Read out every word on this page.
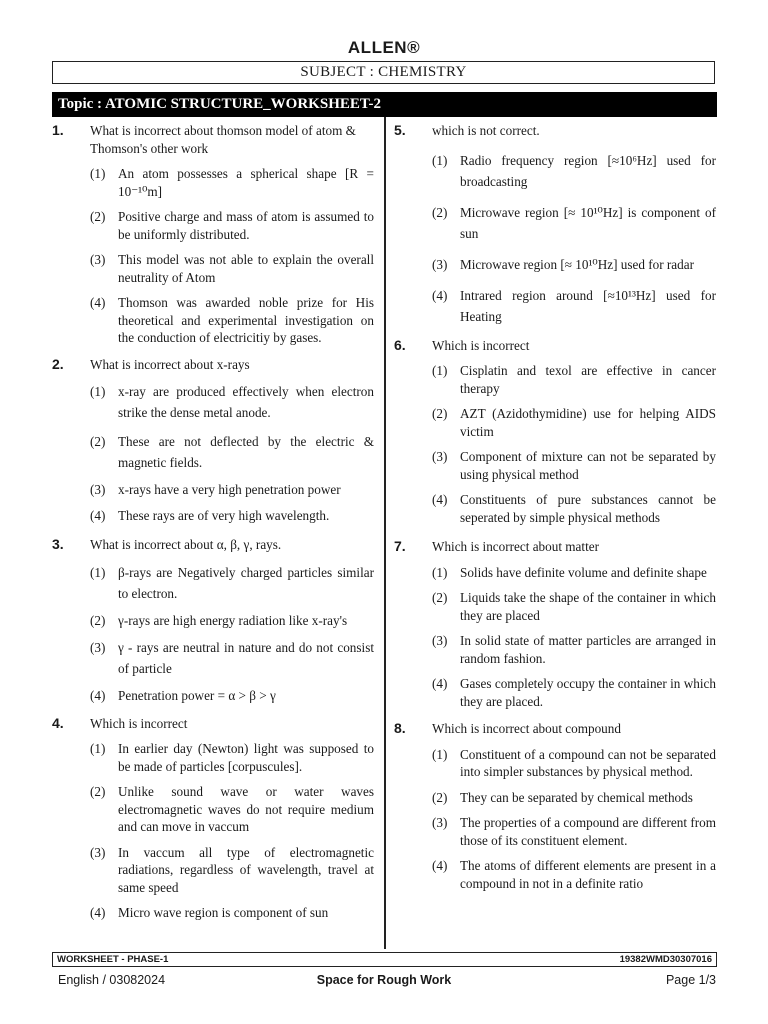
ALLEN®
SUBJECT : CHEMISTRY
Topic : ATOMIC STRUCTURE_WORKSHEET-2
1. What is incorrect about thomson model of atom & Thomson's other work
(1) An atom possesses a spherical shape [R = 10⁻¹⁰m]
(2) Positive charge and mass of atom is assumed to be uniformly distributed.
(3) This model was not able to explain the overall neutrality of Atom
(4) Thomson was awarded noble prize for His theoretical and experimental investigation on the conduction of electricitiy by gases.
2. What is incorrect about x-rays
(1) x-ray are produced effectively when electron strike the dense metal anode.
(2) These are not deflected by the electric & magnetic fields.
(3) x-rays have a very high penetration power
(4) These rays are of very high wavelength.
3. What is incorrect about α, β, γ, rays.
(1) β-rays are Negatively charged particles similar to electron.
(2) γ-rays are high energy radiation like x-ray's
(3) γ - rays are neutral in nature and do not consist of particle
(4) Penetration power = α > β > γ
4. Which is incorrect
(1) In earlier day (Newton) light was supposed to be made of particles [corpuscules].
(2) Unlike sound wave or water waves electromagnetic waves do not require medium and can move in vaccum
(3) In vaccum all type of electromagnetic radiations, regardless of wavelength, travel at same speed
(4) Micro wave region is component of sun
5. which is not correct.
(1) Radio frequency region [≈10⁶Hz] used for broadcasting
(2) Microwave region [≈ 10¹⁰Hz] is component of sun
(3) Microwave region [≈ 10¹⁰Hz] used for radar
(4) Intrared region around [≈10¹³Hz] used for Heating
6. Which is incorrect
(1) Cisplatin and texol are effective in cancer therapy
(2) AZT (Azidothymidine) use for helping AIDS victim
(3) Component of mixture can not be separated by using physical method
(4) Constituents of pure substances cannot be seperated by simple physical methods
7. Which is incorrect about matter
(1) Solids have definite volume and definite shape
(2) Liquids take the shape of the container in which they are placed
(3) In solid state of matter particles are arranged in random fashion.
(4) Gases completely occupy the container in which they are placed.
8. Which is incorrect about compound
(1) Constituent of a compound can not be separated into simpler substances by physical method.
(2) They can be separated by chemical methods
(3) The properties of a compound are different from those of its constituent element.
(4) The atoms of different elements are present in a compound in not in a definite ratio
WORKSHEET - PHASE-1	19382WMD30307016
English / 03082024	Space for Rough Work	Page 1/3
